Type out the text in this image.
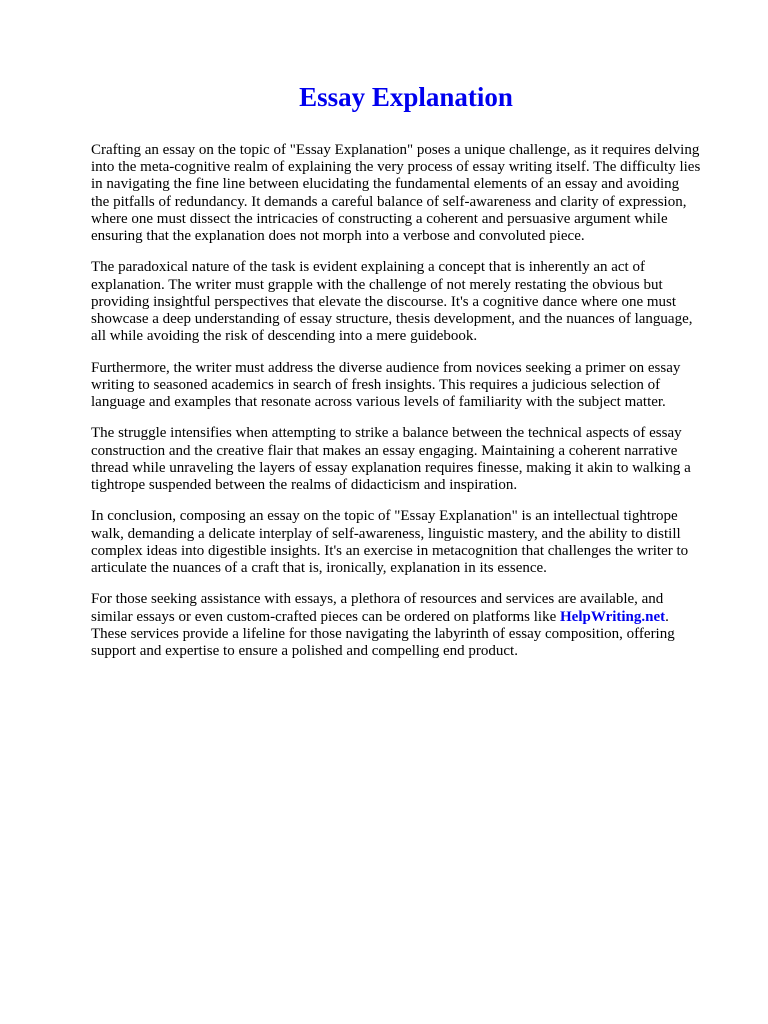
Essay Explanation

Crafting an essay on the topic of "Essay Explanation" poses a unique challenge, as it requires delving
into the meta-cognitive realm of explaining the very process of essay writing itself. The difficulty lies
in navigating the fine line between elucidating the fundamental elements of an essay and avoiding
the pitfalls of redundancy. It demands a careful balance of self-awareness and clarity of expression,
where one must dissect the intricacies of constructing a coherent and persuasive argument while
ensuring that the explanation does not morph into a verbose and convoluted piece.

The paradoxical nature of the task is evident explaining a concept that is inherently an act of
explanation. The writer must grapple with the challenge of not merely restating the obvious but
providing insightful perspectives that elevate the discourse. It's a cognitive dance where one must
showcase a deep understanding of essay structure, thesis development, and the nuances of language,
all while avoiding the risk of descending into a mere guidebook.

Furthermore, the writer must address the diverse audience from novices seeking a primer on essay
writing to seasoned academics in search of fresh insights. This requires a judicious selection of
language and examples that resonate across various levels of familiarity with the subject matter.

The struggle intensifies when attempting to strike a balance between the technical aspects of essay
construction and the creative flair that makes an essay engaging. Maintaining a coherent narrative
thread while unraveling the layers of essay explanation requires finesse, making it akin to walking a
tightrope suspended between the realms of didacticism and inspiration.

In conclusion, composing an essay on the topic of "Essay Explanation" is an intellectual tightrope
walk, demanding a delicate interplay of self-awareness, linguistic mastery, and the ability to distill
complex ideas into digestible insights. It's an exercise in metacognition that challenges the writer to
articulate the nuances of a craft that is, ironically, explanation in its essence.

For those seeking assistance with essays, a plethora of resources and services are available, and
similar essays or even custom-crafted pieces can be ordered on platforms like HelpWriting.net.
These services provide a lifeline for those navigating the labyrinth of essay composition, offering
support and expertise to ensure a polished and compelling end product.
